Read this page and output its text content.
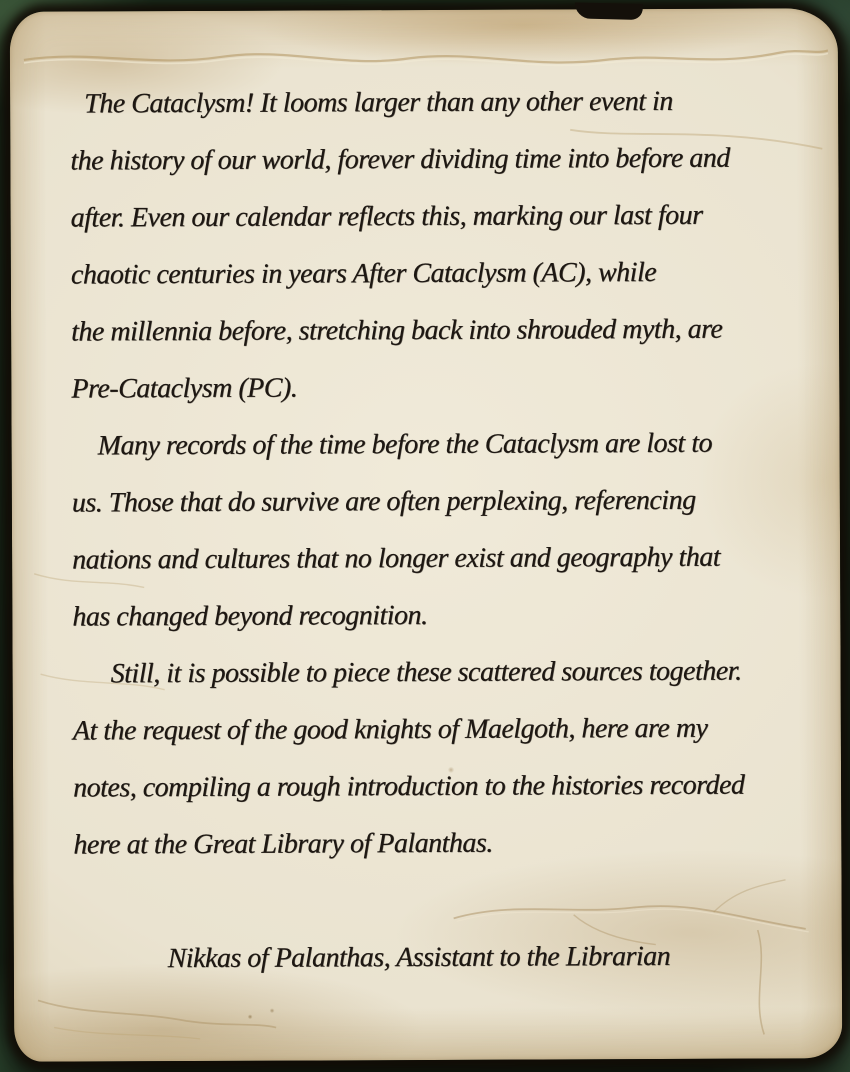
The Cataclysm! It looms larger than any other event in
the history of our world, forever dividing time into before and
after. Even our calendar reflects this, marking our last four
chaotic centuries in years After Cataclysm (AC), while
the millennia before, stretching back into shrouded myth, are
Pre-Cataclysm (PC).
Many records of the time before the Cataclysm are lost to
us. Those that do survive are often perplexing, referencing
nations and cultures that no longer exist and geography that
has changed beyond recognition.
Still, it is possible to piece these scattered sources together.
At the request of the good knights of Maelgoth, here are my
notes, compiling a rough introduction to the histories recorded
here at the Great Library of Palanthas.
Nikkas of Palanthas, Assistant to the Librarian
